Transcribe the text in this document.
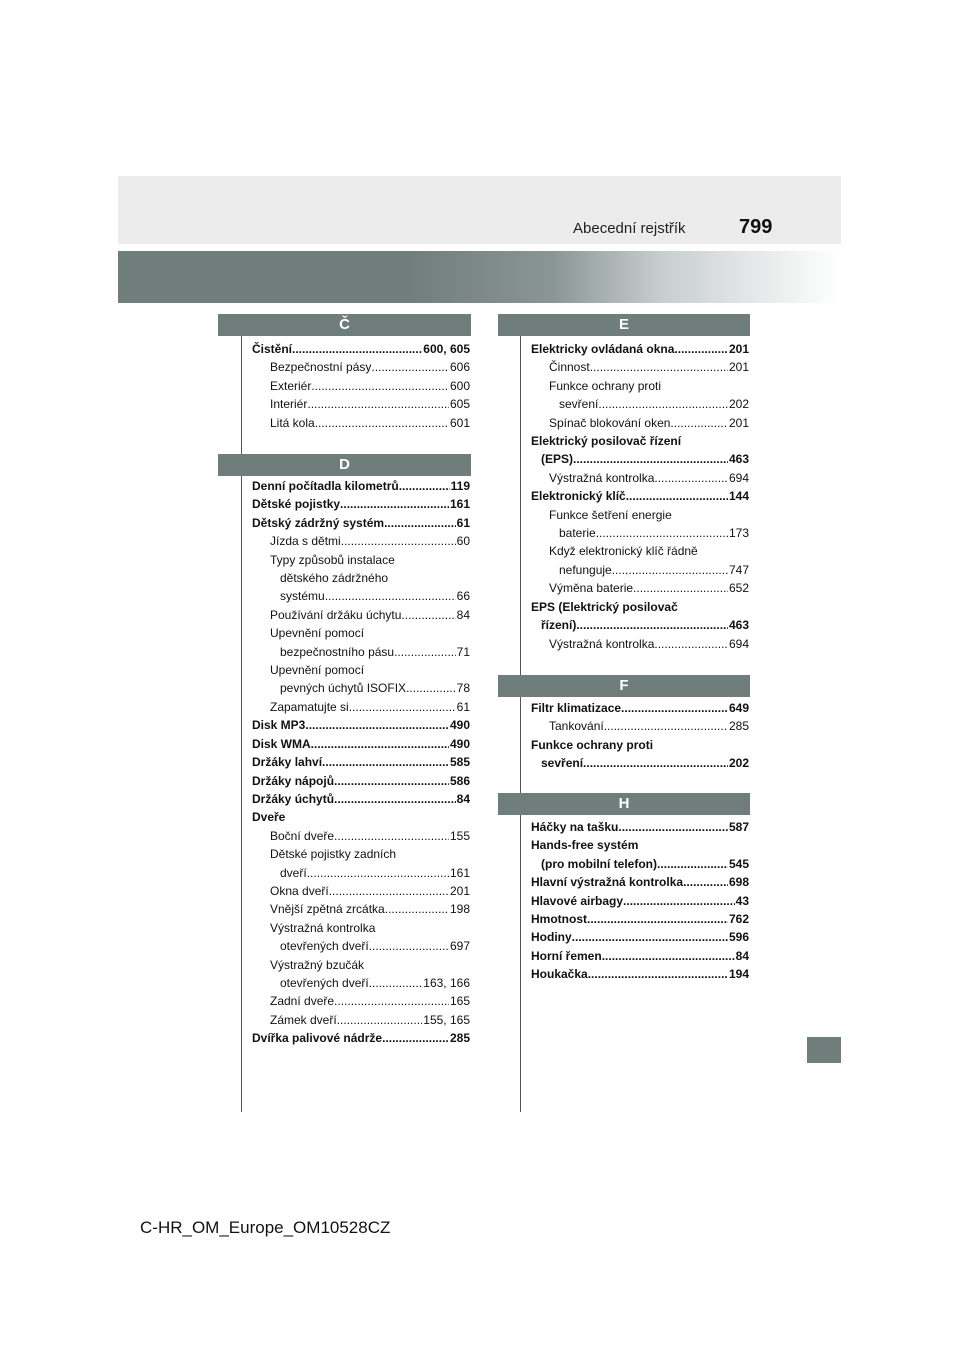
Abecední rejstřík	799
Č
Čistění .....	600, 605
Bezpečnostní pásy .....	606
Exteriér .....	600
Interiér .....	605
Litá kola .....	601
D
Denní počítadla kilometrů .....	119
Dětské pojistky .....	161
Dětský zádržný systém .....	61
Jízda s dětmi .....	60
Typy způsobů instalace
dětského zádržného
systému .....	66
Používání držáku úchytu .....	84
Upevnění pomocí
bezpečnostního pásu .....	71
Upevnění pomocí
pevných úchytů ISOFIX .....	78
Zapamatujte si .....	61
Disk MP3 .....	490
Disk WMA .....	490
Držáky lahví .....	585
Držáky nápojů .....	586
Držáky úchytů .....	84
Dveře
Boční dveře .....	155
Dětské pojistky zadních
dveří .....	161
Okna dveří .....	201
Vnější zpětná zrcátka .....	198
Výstražná kontrolka
otevřených dveří .....	697
Výstražný bzučák
otevřených dveří .....	163, 166
Zadní dveře .....	165
Zámek dveří .....	155, 165
Dvířka palivové nádrže .....	285
E
Elektricky ovládaná okna .....	201
Činnost .....	201
Funkce ochrany proti
sevření .....	202
Spínač blokování oken .....	201
Elektrický posilovač řízení
(EPS) .....	463
Výstražná kontrolka .....	694
Elektronický klíč .....	144
Funkce šetření energie
baterie .....	173
Když elektronický klíč řádně
nefunguje .....	747
Výměna baterie .....	652
EPS (Elektrický posilovač
řízení) .....	463
Výstražná kontrolka .....	694
F
Filtr klimatizace .....	649
Tankování .....	285
Funkce ochrany proti
sevření .....	202
H
Háčky na tašku .....	587
Hands-free systém
(pro mobilní telefon) .....	545
Hlavní výstražná kontrolka .....	698
Hlavové airbagy .....	43
Hmotnost .....	762
Hodiny .....	596
Horní řemen .....	84
Houkačka .....	194
C-HR_OM_Europe_OM10528CZ
